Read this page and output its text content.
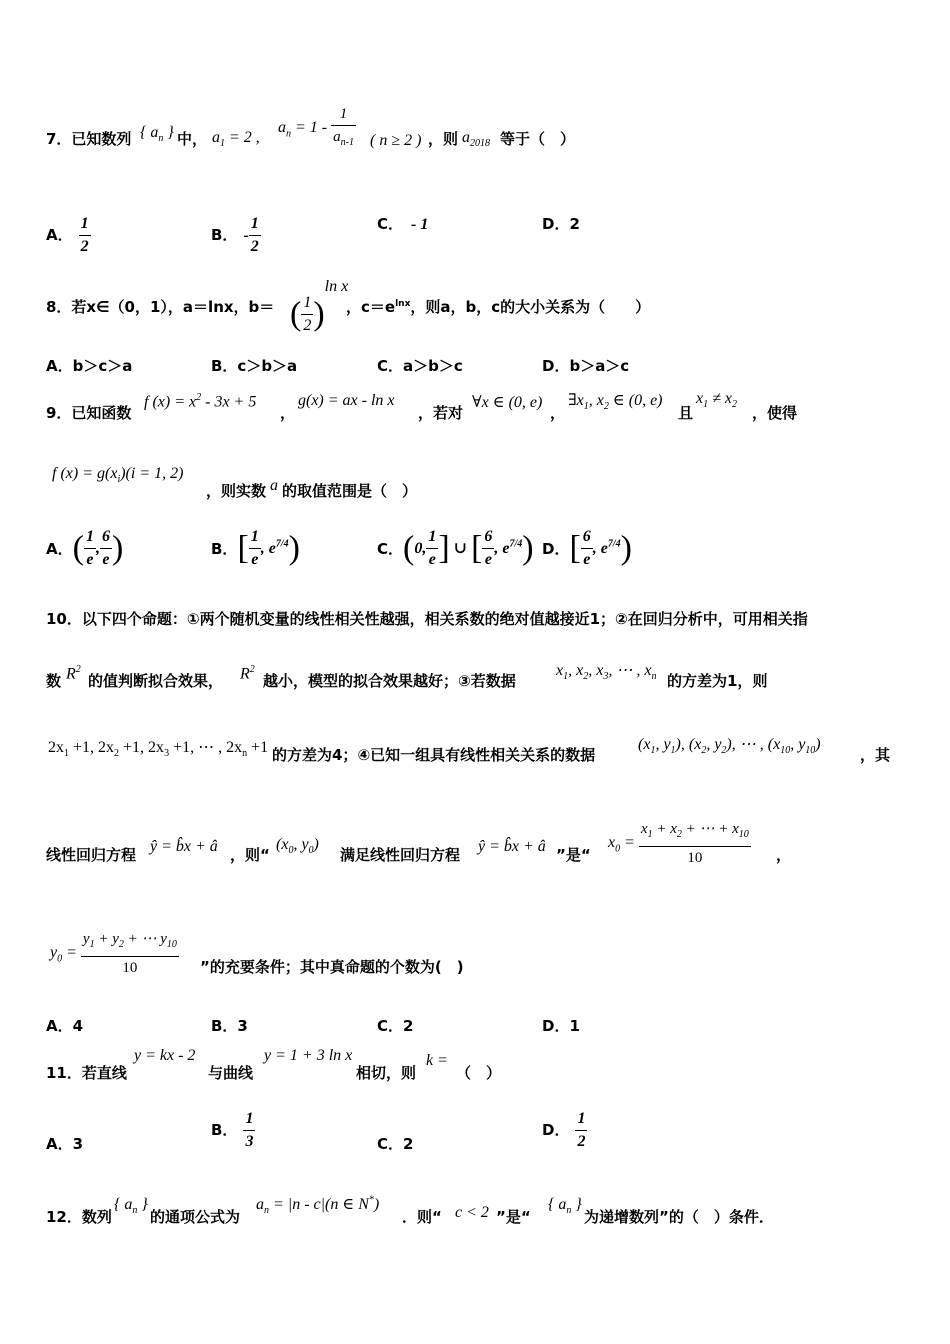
7．已知数列 { $a_n$ } 中， $a_1 = 2$ ,
$a_n = 1 - \frac{1}{a_{n-1}}$ ( n ≥ 2 ) ，则 $a_{2018}$ 等于（　）
A． $\frac{1}{2}$	B． - $\frac{1}{2}$	C． - 1	D．2
8．若x∈（0，1），a＝lnx，b＝ ( $\frac{1}{2} )^{ln x}$
，$c=e^{lnx}$，则a，b，c的大小关系为（　　）
A．b＞c＞a	B．c＞b＞a	C．a＞b＞c	D．b＞a＞c
9．已知函数
f $(x) = x^2 - 3x + 5$
，
g(x) = ax - ln x
，若对
∀x ∈ (0, e)
，
$\exists x_1$, $x_2$ ∈ (0, e)
且
$x_1 \ne x_2$ ，使得
f $(x) = g(x_i)(i = 1$, 2)
，则实数 a 的取值范围是（　）
A．( $\frac{1}{e}$ , $\frac{6}{e}$ )	B．[ $\frac{1}{e}$ , $e^{7/4}$)	C．(0, $\frac{1}{e}$ ] ∪ [ $\frac{6}{e}$ , $e^{7/4}$) D．[ $\frac{6}{e}$ , $e^{7/4}$)
10．以下四个命题：①两个随机变量的线性相关性越强，相关系数的绝对值越接近1；②在回归分析中，可用相关指
数 $R^2$
的值判断拟合效果， $R^2$
越小，模型的拟合效果越好；③若数据
$x_1$, $x_2$, $x_3$, ⋯ , $x_n$ 的方差为1，则
$2x_1 +1$, $2x_2 +1$, $2x_3 +1$, ⋯ , $2x_n +1$ 的方差为4；④已知一组具有线性相关关系的数据
($x_1$, $y_1$), ($x_2$, $y_2$), ⋯ , ($x_{10}$, $y_{10}$)
，其
线性回归方程 ŷ = b̂x + â ，则“
($x_0$, $y_0$)
满足线性回归方程 ŷ = b̂x + â ”是“
$x_0 = \frac{x_1 + x_2 + \cdots + x_{10}}{10}$ ，
$y_0 = \frac{y_1 + y_2 + \cdots y_{10}}{10}$ ”的充要条件；其中真命题的个数为(　)
A．4	B．3	C．2	D．1
11．若直线
y = kx - 2
与曲线
y = 1 + 3 ln x
相切，则
k =
（　）
A．3
B． $\frac{1}{3}$	C．2
D． $\frac{1}{2}$
12．数列
{ $a_n$ }
的通项公式为
$a_n = |n - c|(n$ ∈ N*)
．则“ c < 2 ”是“
{ $a_n$ }
为递增数列”的（　）条件．
